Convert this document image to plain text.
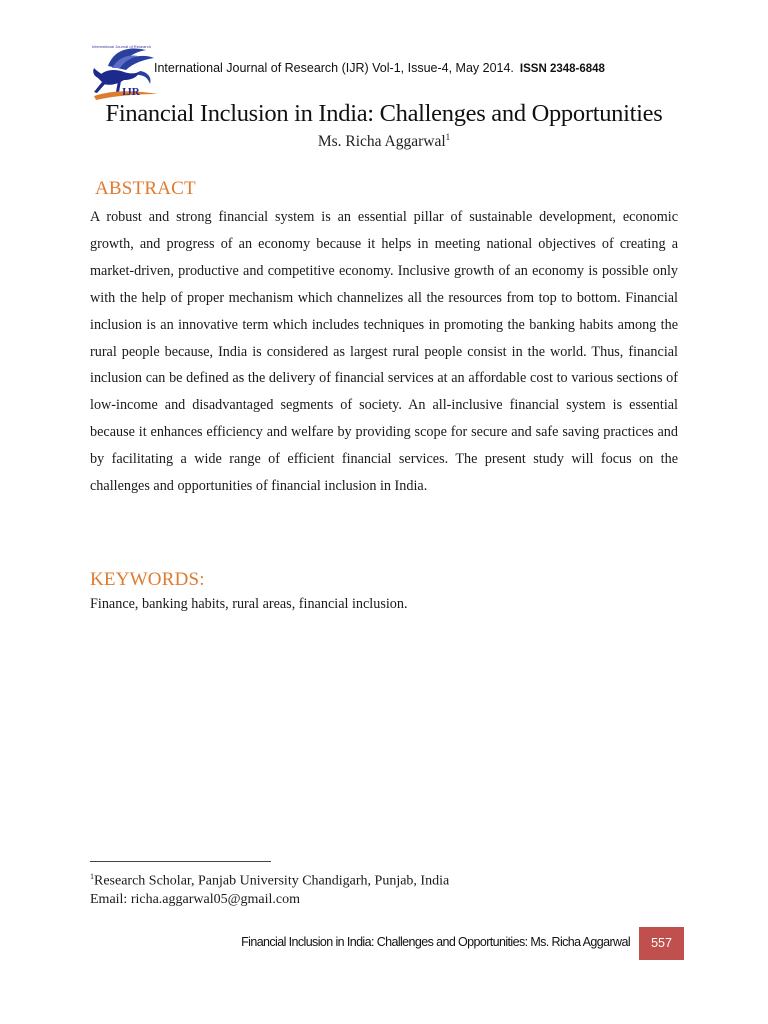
International Journal of Research
IJR
International Journal of Research (IJR) Vol-1, Issue-4, May 2014. ISSN 2348-6848
Financial Inclusion in India: Challenges and Opportunities
Ms. Richa Aggarwal$^1$
ABSTRACT
A robust and strong financial system is an essential pillar of sustainable development, economic growth, and progress of an economy because it helps in meeting national objectives of creating a market-driven, productive and competitive economy. Inclusive growth of an economy is possible only with the help of proper mechanism which channelizes all the resources from top to bottom. Financial inclusion is an innovative term which includes techniques in promoting the banking habits among the rural people because, India is considered as largest rural people consist in the world. Thus, financial inclusion can be defined as the delivery of financial services at an affordable cost to various sections of low-income and disadvantaged segments of society. An all-inclusive financial system is essential because it enhances efficiency and welfare by providing scope for secure and safe saving practices and by facilitating a wide range of efficient financial services. The present study will focus on the challenges and opportunities of financial inclusion in India.
KEYWORDS:
Finance, banking habits, rural areas, financial inclusion.
$^1$Research Scholar, Panjab University Chandigarh, Punjab, India
Email: richa.aggarwal05@gmail.com
Financial Inclusion in India: Challenges and Opportunities: Ms. Richa Aggarwal	557
